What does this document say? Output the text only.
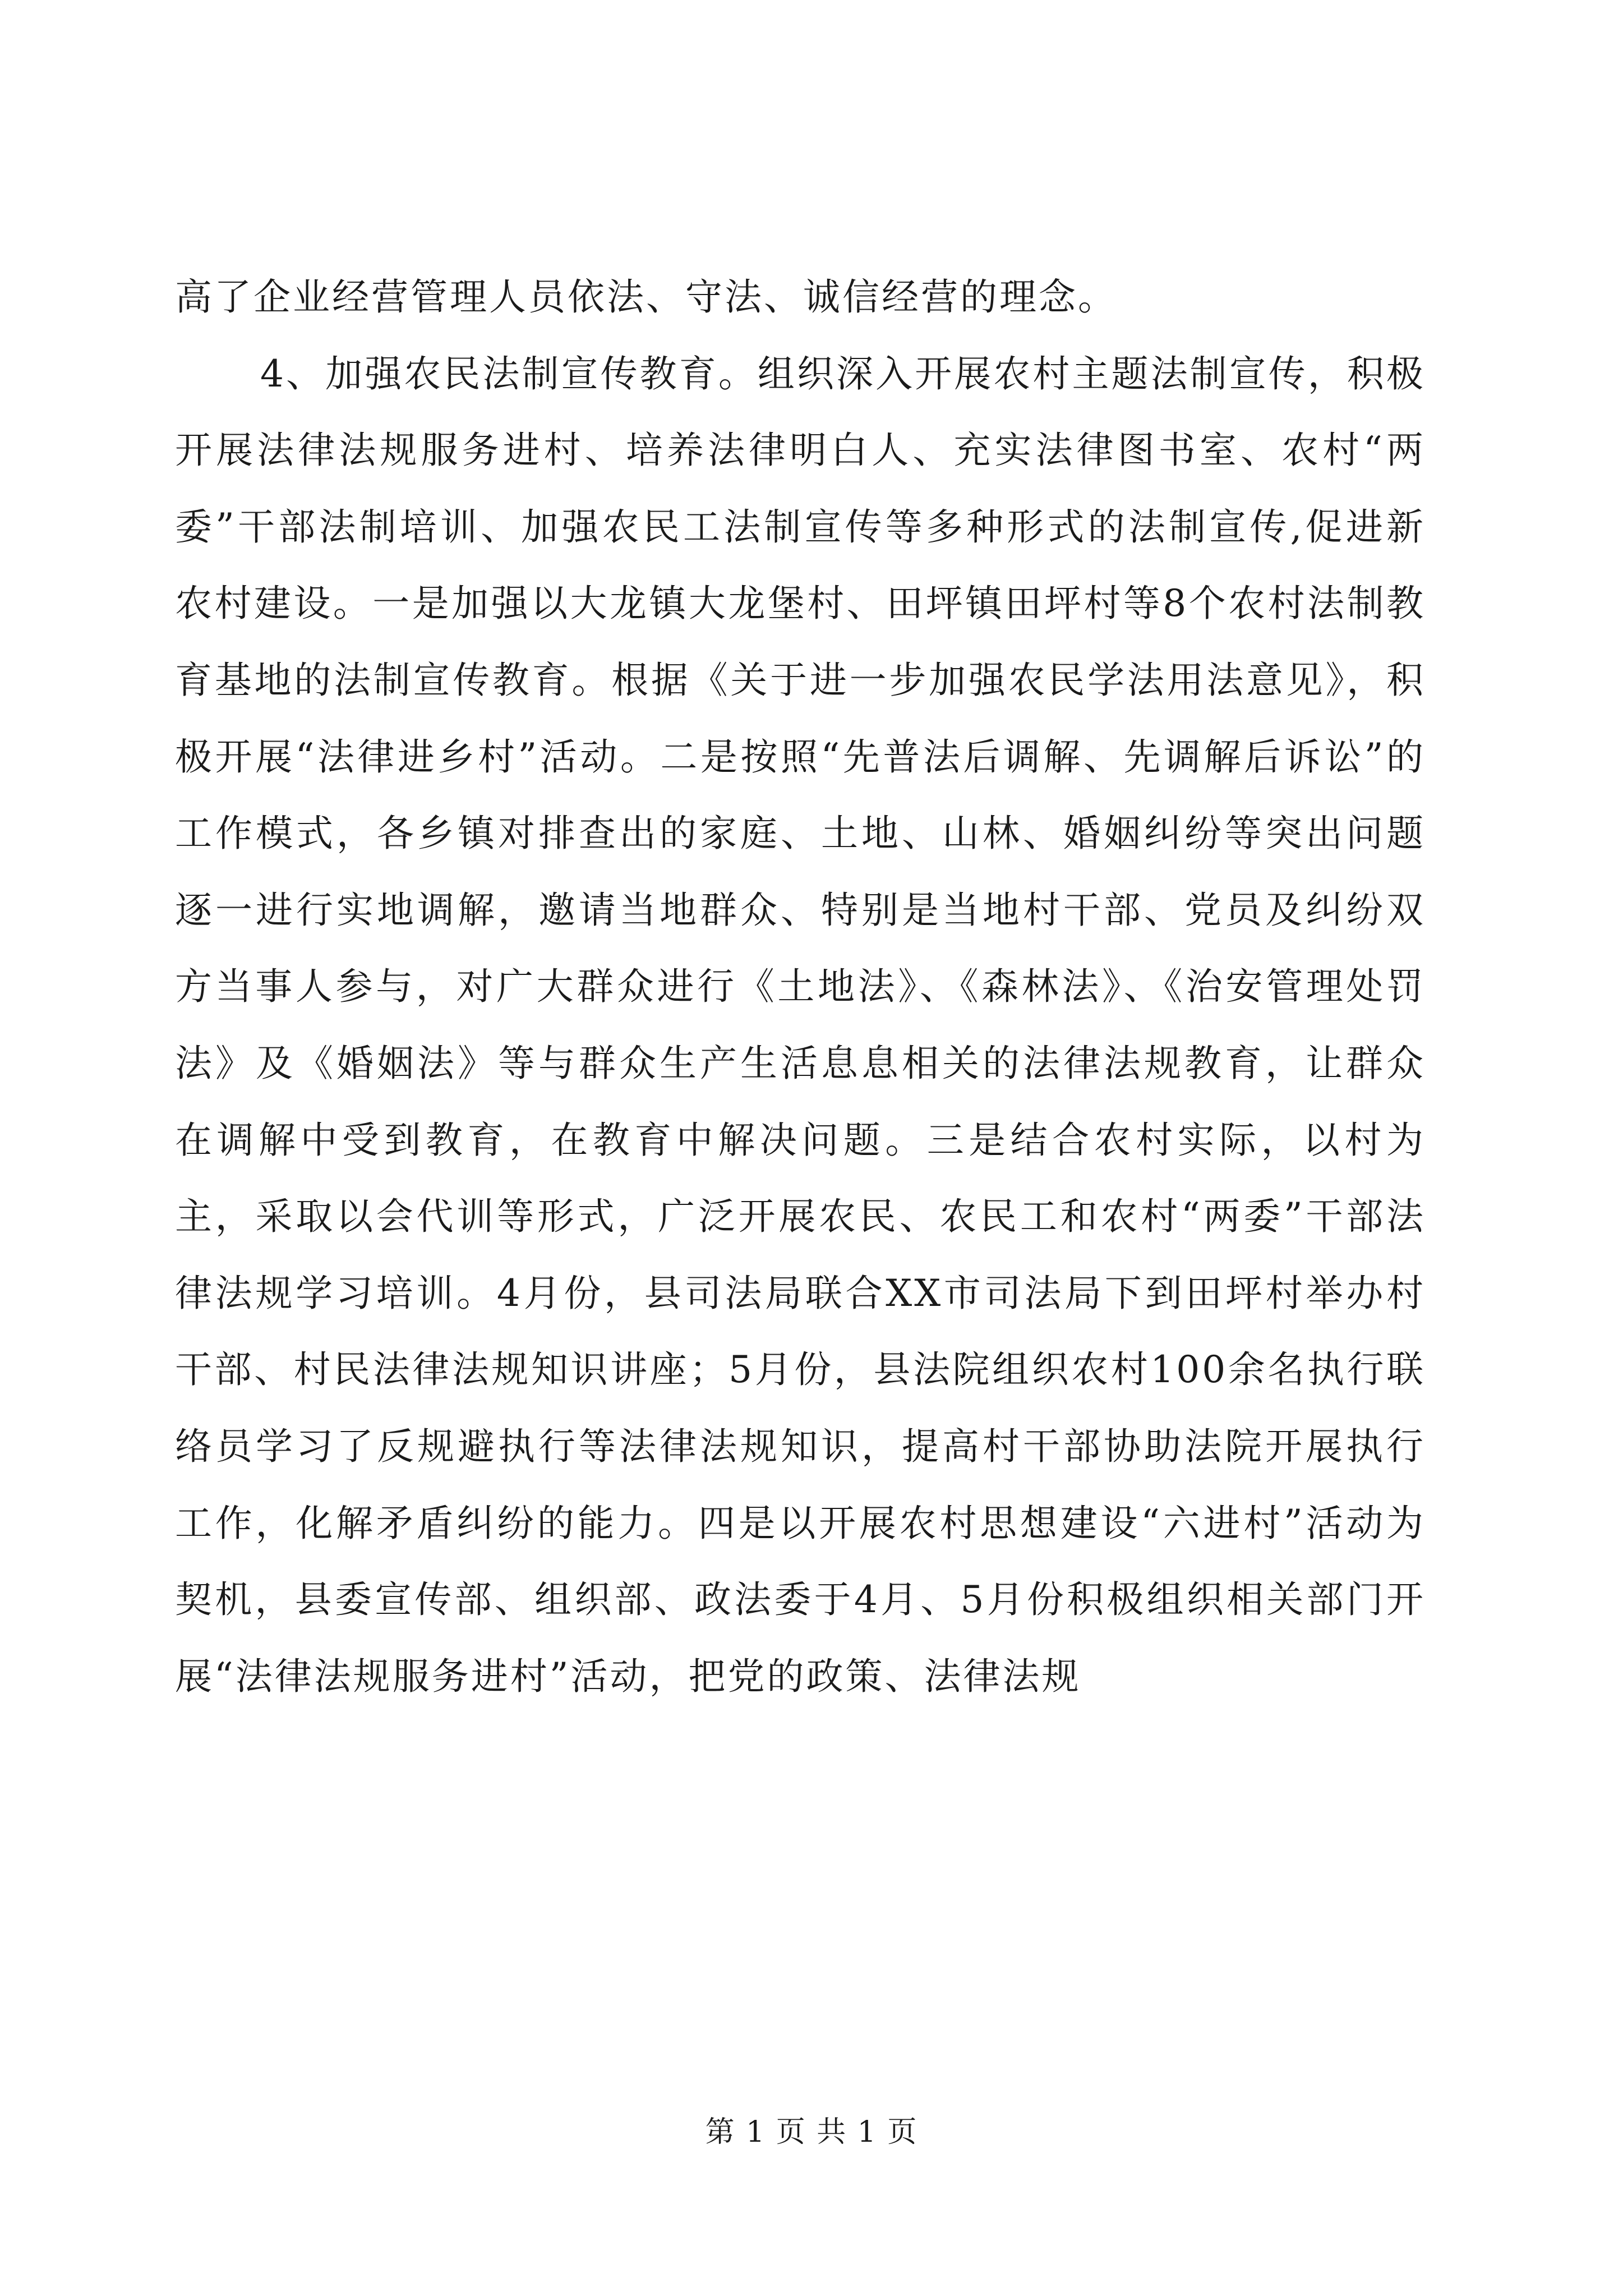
高了企业经营管理人员依法、守法、诚信经营的理念。

4、加强农民法制宣传教育。组织深入开展农村主题法制宣传，积极开展法律法规服务进村、培养法律明白人、充实法律图书室、农村“两委”干部法制培训、加强农民工法制宣传等多种形式的法制宣传,促进新农村建设。一是加强以大龙镇大龙堡村、田坪镇田坪村等8个农村法制教育基地的法制宣传教育。根据《关于进一步加强农民学法用法意见》，积极开展“法律进乡村”活动。二是按照“先普法后调解、先调解后诉讼”的工作模式，各乡镇对排查出的家庭、土地、山林、婚姻纠纷等突出问题逐一进行实地调解，邀请当地群众、特别是当地村干部、党员及纠纷双方当事人参与，对广大群众进行《土地法》、《森林法》、《治安管理处罚法》及《婚姻法》等与群众生产生活息息相关的法律法规教育，让群众在调解中受到教育，在教育中解决问题。三是结合农村实际，以村为主，采取以会代训等形式，广泛开展农民、农民工和农村“两委”干部法律法规学习培训。4月份，县司法局联合XX市司法局下到田坪村举办村干部、村民法律法规知识讲座；5月份，县法院组织农村100余名执行联络员学习了反规避执行等法律法规知识，提高村干部协助法院开展执行工作，化解矛盾纠纷的能力。四是以开展农村思想建设“六进村”活动为契机，县委宣传部、组织部、政法委于4月、5月份积极组织相关部门开展“法律法规服务进村”活动，把党的政策、法律法规

第 1 页 共 1 页
